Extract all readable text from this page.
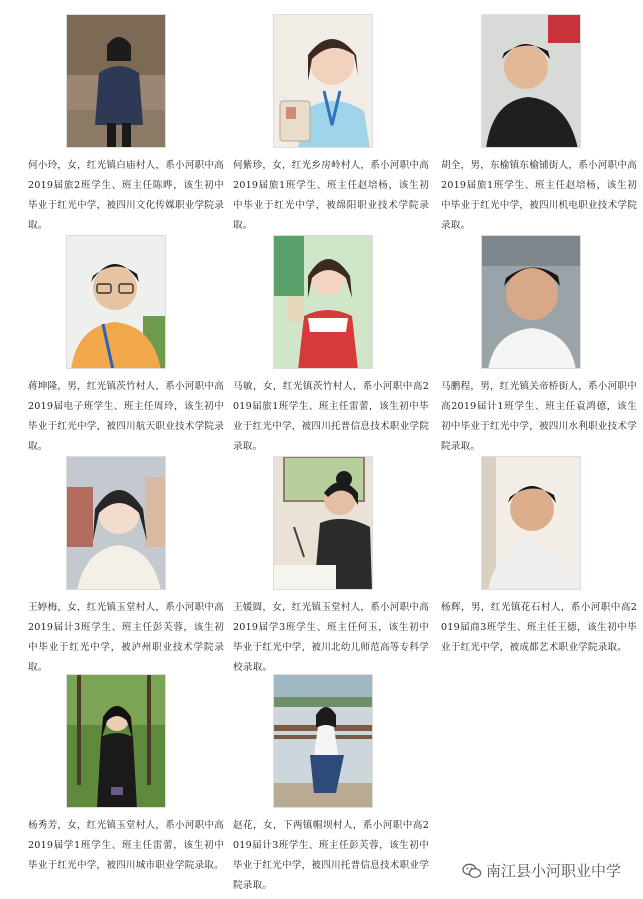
何小玲，女，红光镇白庙村人，系小河职中高2019届旅2班学生、班主任陈晔，该生初中毕业于红光中学，被四川文化传媒职业学院录取。
何紫珍，女，红光乡房岭村人，系小河职中高2019届旅1班学生、班主任赵培杨，该生初中毕业于红光中学，被绵阳职业技术学院录取。
胡全，男，东榆镇东榆铺街人，系小河职中高2019届旅1班学生、班主任赵培杨，该生初中毕业于红光中学，被四川机电职业技术学院录取。
蒋坤隆，男，红光镇茨竹村人，系小河职中高2019届电子班学生、班主任周玲，该生初中毕业于红光中学，被四川航天职业技术学院录取。
马敏，女，红光镇茨竹村人，系小河职中高2019届旅1班学生、班主任雷蕾，该生初中毕业于红光中学，被四川托普信息技术职业学院录取。
马鹏程，男，红光镇关帝桥街人，系小河职中高2019届计1班学生、班主任袁鸿德，该生初中毕业于红光中学，被四川水利职业技术学院录取。
王婷梅，女，红光镇玉堂村人，系小河职中高2019届计3班学生、班主任彭芙蓉，该生初中毕业于红光中学，被泸州职业技术学院录取。
王媛圆，女，红光镇玉堂村人，系小河职中高2019届学3班学生、班主任何玉，该生初中毕业于红光中学，被川北幼儿师范高等专科学校录取。
杨辉，男，红光镇花石村人，系小河职中高2019届商3班学生、班主任王德，该生初中毕业于红光中学，被成都艺术职业学院录取。
杨秀芳，女，红光镇玉堂村人，系小河职中高2019届学1班学生、班主任雷蕾，该生初中毕业于红光中学，被四川城市职业学院录取。
赵花，女，下两镇帽坝村人，系小河职中高2019届计3班学生、班主任彭芙蓉，该生初中毕业于红光中学，被四川托普信息技术职业学院录取。
南江县小河职业中学
